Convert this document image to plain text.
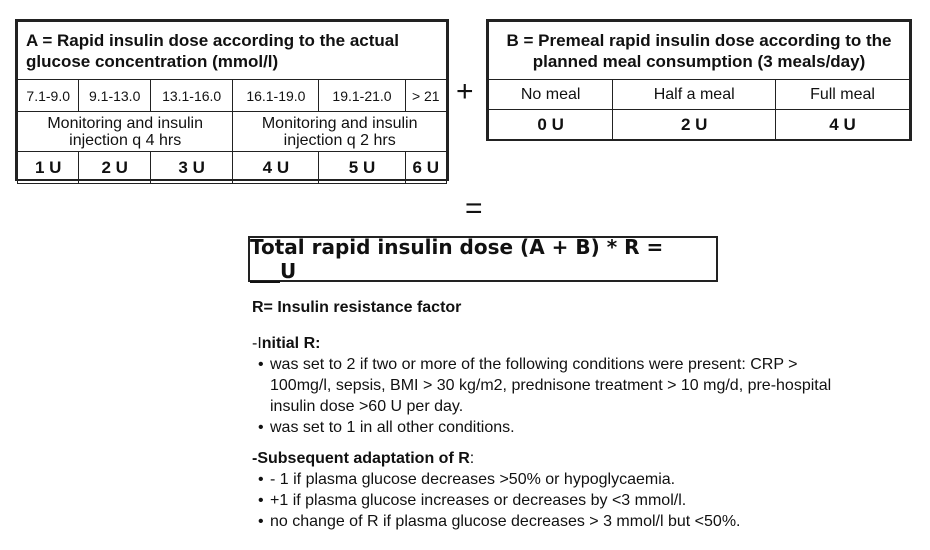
A = Rapid insulin dose according to the actual glucose concentration (mmol/l)					
7.1-9.0	9.1-13.0	13.1-16.0	16.1-19.0	19.1-21.0	> 21
Monitoring and insulin injection q 4 hrs			Monitoring and insulin injection q 2 hrs		
1 U	2 U	3 U	4 U	5 U	6 U
+
B = Premeal rapid insulin dose according to the planned meal consumption (3 meals/day)		
No meal	Half a meal	Full meal
0 U	2 U	4 U
=
Total rapid insulin dose (A + B) * R = ___U
R= Insulin resistance factor
-Initial R:
• was set to 2 if two or more of the following conditions were present: CRP > 100mg/l, sepsis, BMI > 30 kg/m2, prednisone treatment > 10 mg/d, pre-hospital insulin dose >60 U per day.
• was set to 1 in all other conditions.
-Subsequent adaptation of R:
• - 1 if plasma glucose decreases >50% or hypoglycaemia.
• +1 if plasma glucose increases or decreases by <3 mmol/l.
• no change of R if plasma glucose decreases > 3 mmol/l but <50%.
